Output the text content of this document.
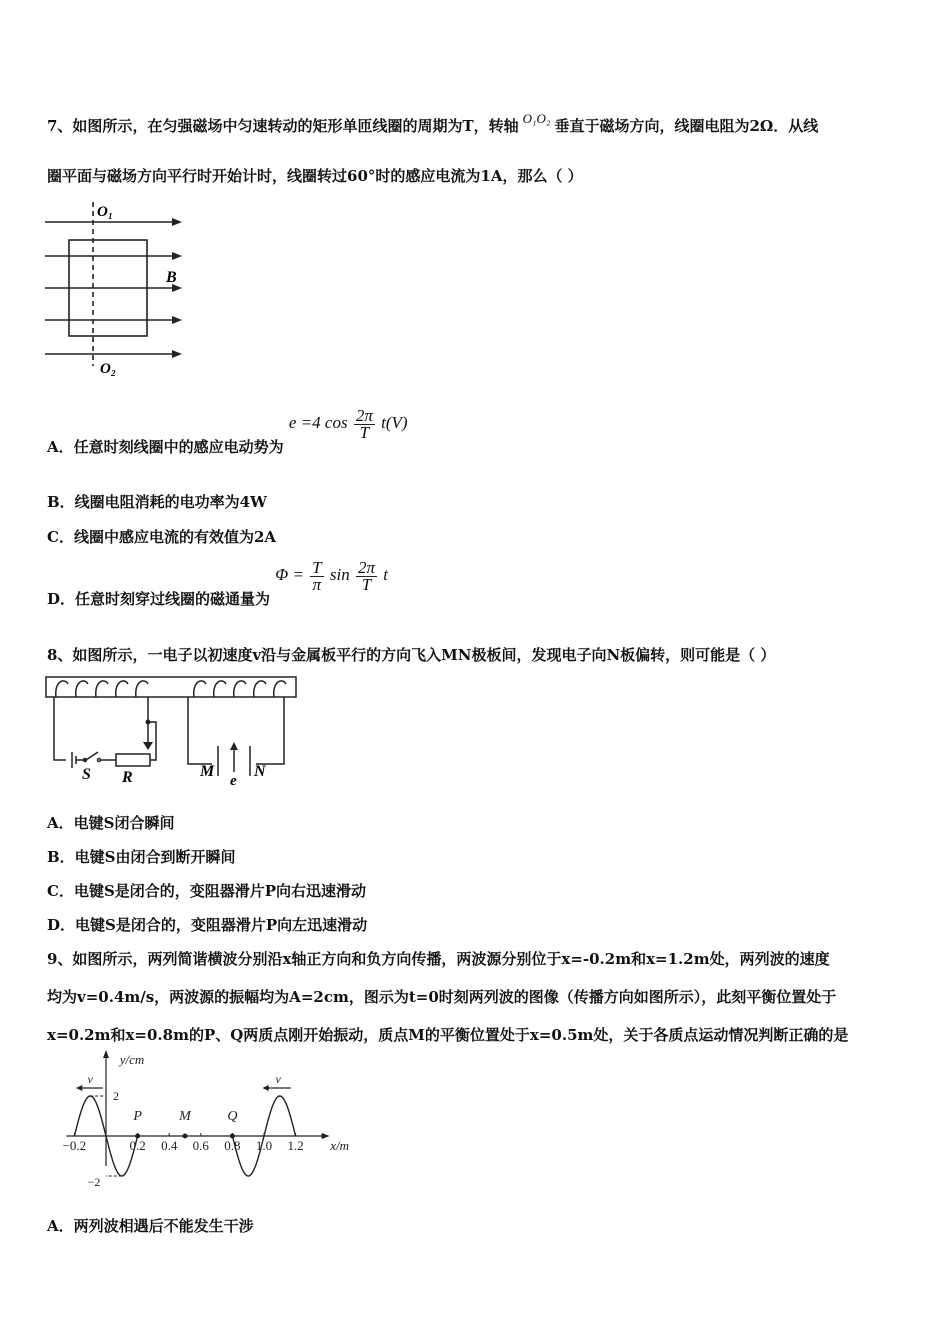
7、如图所示，在匀强磁场中匀速转动的矩形单匝线圈的周期为T，转轴 O₁O₂ 垂直于磁场方向，线圈电阻为2Ω．从线
圈平面与磁场方向平行时开始计时，线圈转过60°时的感应电流为1A，那么（ ）
O₁
O₂
B
A．任意时刻线圈中的感应电动势为 e =4 $\cos \frac{2\pi}{T} t(V)$
B．线圈电阻消耗的电功率为4W
C．线圈中感应电流的有效值为2A
D．任意时刻穿过线圈的磁通量为 $\Phi = \frac{T}{\pi}$ $\sin \frac{2\pi}{T}$ t
8、如图所示，一电子以初速度v沿与金属板平行的方向飞入MN极板间，发现电子向N板偏转，则可能是（ ）
S R	M
e
N
A．电键S闭合瞬间
B．电键S由闭合到断开瞬间
C．电键S是闭合的，变阻器滑片P向右迅速滑动
D．电键S是闭合的，变阻器滑片P向左迅速滑动
9、如图所示，两列简谐横波分别沿x轴正方向和负方向传播，两波源分别位于x=-0.2m和x=1.2m处，两列波的速度
均为v=0.4m/s，两波源的振幅均为A=2cm，图示为t=0时刻两列波的图像（传播方向如图所示），此刻平衡位置处于
x=0.2m和x=0.8m的P、Q两质点刚开始振动，质点M的平衡位置处于x=0.5m处，关于各质点运动情况判断正确的是
y/cm
x/m
−0.2	0.2 0.4 0.6 0.8 1.0 1.2
2
−2
P	M	Q
v	v
A．两列波相遇后不能发生干涉
